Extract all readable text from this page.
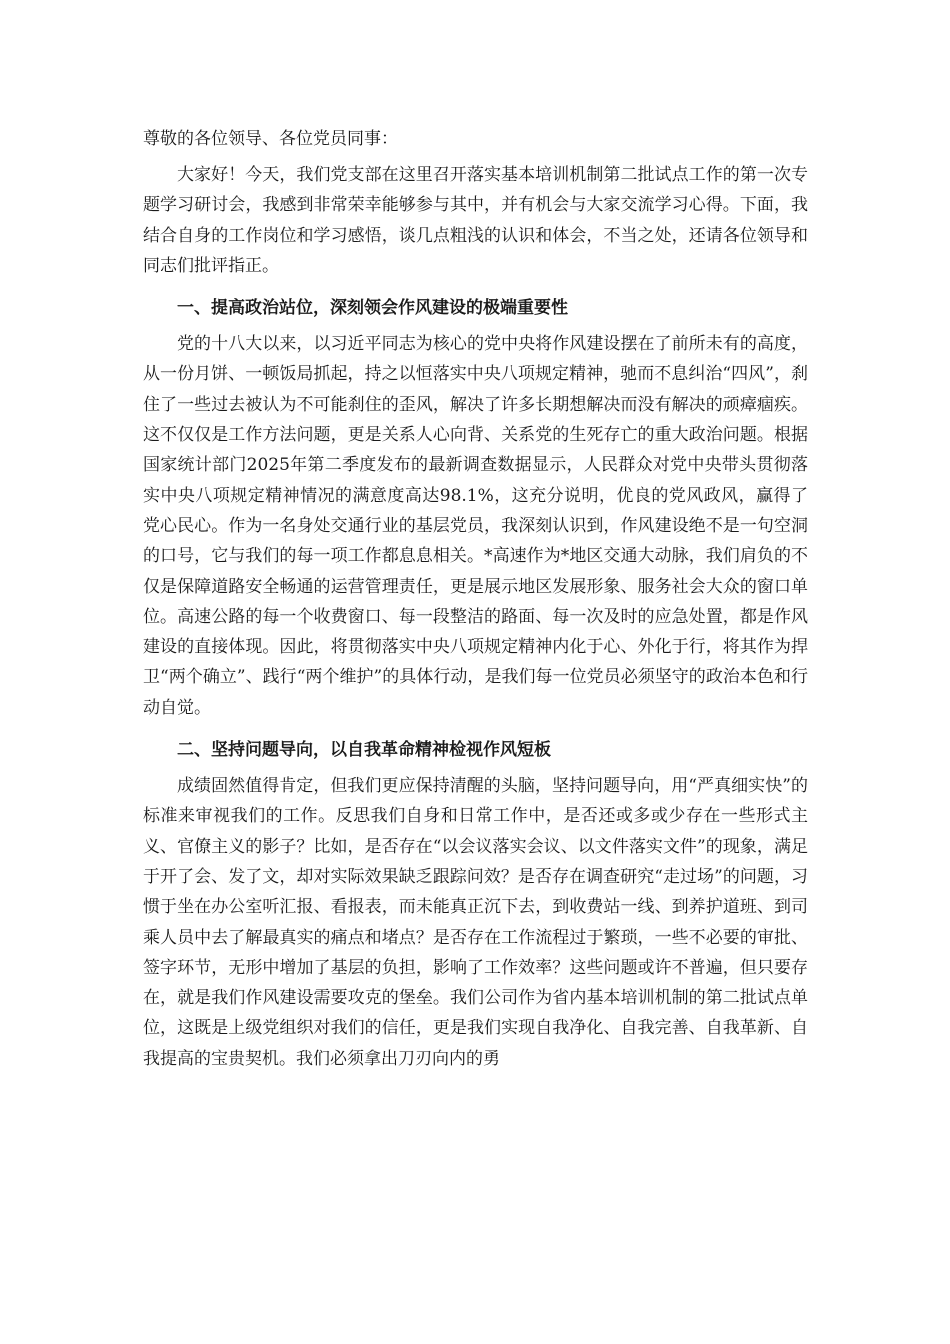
尊敬的各位领导、各位党员同事：

大家好！今天，我们党支部在这里召开落实基本培训机制第二批试点工作的第一次专题学习研讨会，我感到非常荣幸能够参与其中，并有机会与大家交流学习心得。下面，我结合自身的工作岗位和学习感悟，谈几点粗浅的认识和体会，不当之处，还请各位领导和同志们批评指正。

一、提高政治站位，深刻领会作风建设的极端重要性

党的十八大以来，以习近平同志为核心的党中央将作风建设摆在了前所未有的高度，从一份月饼、一顿饭局抓起，持之以恒落实中央八项规定精神，驰而不息纠治“四风”，刹住了一些过去被认为不可能刹住的歪风，解决了许多长期想解决而没有解决的顽瘴痼疾。这不仅仅是工作方法问题，更是关系人心向背、关系党的生死存亡的重大政治问题。根据国家统计部门2025年第二季度发布的最新调查数据显示，人民群众对党中央带头贯彻落实中央八项规定精神情况的满意度高达98.1%，这充分说明，优良的党风政风，赢得了党心民心。作为一名身处交通行业的基层党员，我深刻认识到，作风建设绝不是一句空洞的口号，它与我们的每一项工作都息息相关。*高速作为*地区交通大动脉，我们肩负的不仅是保障道路安全畅通的运营管理责任，更是展示地区发展形象、服务社会大众的窗口单位。高速公路的每一个收费窗口、每一段整洁的路面、每一次及时的应急处置，都是作风建设的直接体现。因此，将贯彻落实中央八项规定精神内化于心、外化于行，将其作为捍卫“两个确立”、践行“两个维护”的具体行动，是我们每一位党员必须坚守的政治本色和行动自觉。

二、坚持问题导向，以自我革命精神检视作风短板

成绩固然值得肯定，但我们更应保持清醒的头脑，坚持问题导向，用“严真细实快”的标准来审视我们的工作。反思我们自身和日常工作中，是否还或多或少存在一些形式主义、官僚主义的影子？比如，是否存在“以会议落实会议、以文件落实文件”的现象，满足于开了会、发了文，却对实际效果缺乏跟踪问效？是否存在调查研究“走过场”的问题，习惯于坐在办公室听汇报、看报表，而未能真正沉下去，到收费站一线、到养护道班、到司乘人员中去了解最真实的痛点和堵点？是否存在工作流程过于繁琐，一些不必要的审批、签字环节，无形中增加了基层的负担，影响了工作效率？这些问题或许不普遍，但只要存在，就是我们作风建设需要攻克的堡垒。我们公司作为省内基本培训机制的第二批试点单位，这既是上级党组织对我们的信任，更是我们实现自我净化、自我完善、自我革新、自我提高的宝贵契机。我们必须拿出刀刃向内的勇
